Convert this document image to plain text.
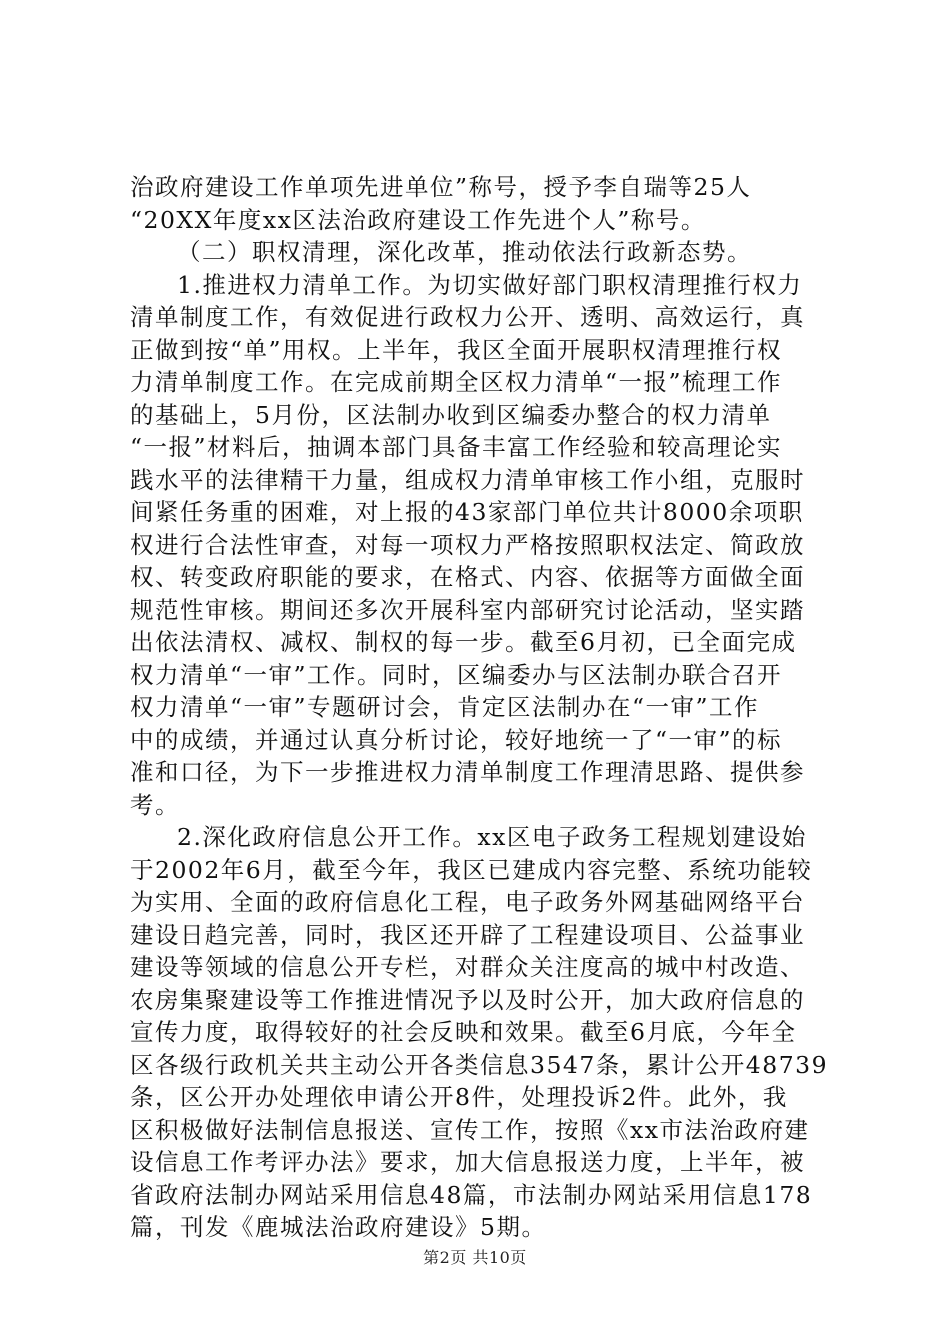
治政府建设工作单项先进单位”称号，授予李自瑞等25人
“20XX年度xx区法治政府建设工作先进个人”称号。
（二）职权清理，深化改革，推动依法行政新态势。
1.推进权力清单工作。为切实做好部门职权清理推行权力
清单制度工作，有效促进行政权力公开、透明、高效运行，真
正做到按“单”用权。上半年，我区全面开展职权清理推行权
力清单制度工作。在完成前期全区权力清单“一报”梳理工作
的基础上，5月份，区法制办收到区编委办整合的权力清单
“一报”材料后，抽调本部门具备丰富工作经验和较高理论实
践水平的法律精干力量，组成权力清单审核工作小组，克服时
间紧任务重的困难，对上报的43家部门单位共计8000余项职
权进行合法性审查，对每一项权力严格按照职权法定、简政放
权、转变政府职能的要求，在格式、内容、依据等方面做全面
规范性审核。期间还多次开展科室内部研究讨论活动，坚实踏
出依法清权、减权、制权的每一步。截至6月初，已全面完成
权力清单“一审”工作。同时，区编委办与区法制办联合召开
权力清单“一审”专题研讨会，肯定区法制办在“一审”工作
中的成绩，并通过认真分析讨论，较好地统一了“一审”的标
准和口径，为下一步推进权力清单制度工作理清思路、提供参
考。
2.深化政府信息公开工作。xx区电子政务工程规划建设始
于2002年6月，截至今年，我区已建成内容完整、系统功能较
为实用、全面的政府信息化工程，电子政务外网基础网络平台
建设日趋完善，同时，我区还开辟了工程建设项目、公益事业
建设等领域的信息公开专栏，对群众关注度高的城中村改造、
农房集聚建设等工作推进情况予以及时公开，加大政府信息的
宣传力度，取得较好的社会反映和效果。截至6月底，今年全
区各级行政机关共主动公开各类信息3547条，累计公开48739
条，区公开办处理依申请公开8件，处理投诉2件。此外，我
区积极做好法制信息报送、宣传工作，按照《xx市法治政府建
设信息工作考评办法》要求，加大信息报送力度，上半年，被
省政府法制办网站采用信息48篇，市法制办网站采用信息178
篇，刊发《鹿城法治政府建设》5期。
第2页 共10页
